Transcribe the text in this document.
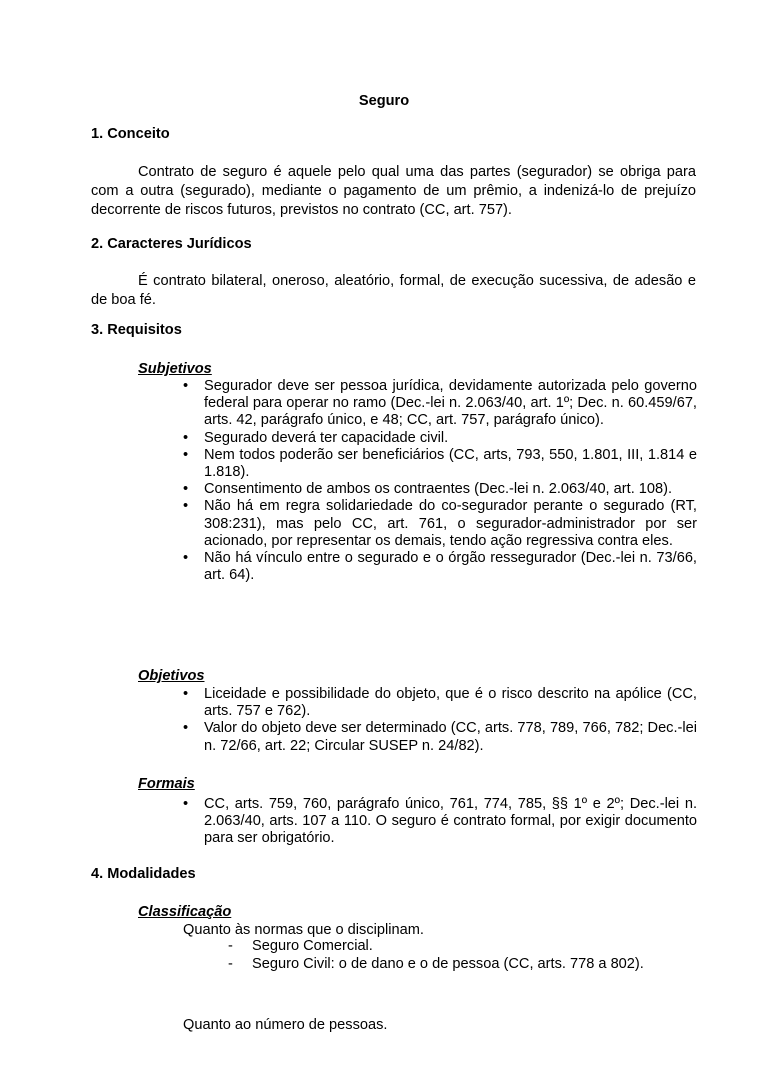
Seguro
1. Conceito
Contrato de seguro é aquele pelo qual uma das partes (segurador) se obriga para com a outra (segurado), mediante o pagamento de um prêmio, a indenizá-lo de prejuízo decorrente de riscos futuros, previstos no contrato (CC, art. 757).
2. Caracteres Jurídicos
É contrato bilateral, oneroso, aleatório, formal, de execução sucessiva, de adesão e de boa fé.
3. Requisitos
Subjetivos
• Segurador deve ser pessoa jurídica, devidamente autorizada pelo governo federal para operar no ramo (Dec.-lei n. 2.063/40, art. 1º; Dec. n. 60.459/67, arts. 42, parágrafo único, e 48; CC, art. 757, parágrafo único).
• Segurado deverá ter capacidade civil.
• Nem todos poderão ser beneficiários (CC, arts, 793, 550, 1.801, III, 1.814 e 1.818).
• Consentimento de ambos os contraentes (Dec.-lei n. 2.063/40, art. 108).
• Não há em regra solidariedade do co-segurador perante o segurado (RT, 308:231), mas pelo CC, art. 761, o segurador-administrador por ser acionado, por representar os demais, tendo ação regressiva contra eles.
• Não há vínculo entre o segurado e o órgão ressegurador (Dec.-lei n. 73/66, art. 64).
Objetivos
• Liceidade e possibilidade do objeto, que é o risco descrito na apólice (CC, arts. 757 e 762).
• Valor do objeto deve ser determinado (CC, arts. 778, 789, 766, 782; Dec.-lei n. 72/66, art. 22; Circular SUSEP n. 24/82).
Formais
• CC, arts. 759, 760, parágrafo único, 761, 774, 785, §§ 1º e 2º; Dec.-lei n. 2.063/40, arts. 107 a 110. O seguro é contrato formal, por exigir documento para ser obrigatório.
4. Modalidades
Classificação
Quanto às normas que o disciplinam.
- Seguro Comercial.
- Seguro Civil: o de dano e o de pessoa (CC, arts. 778 a 802).
Quanto ao número de pessoas.
